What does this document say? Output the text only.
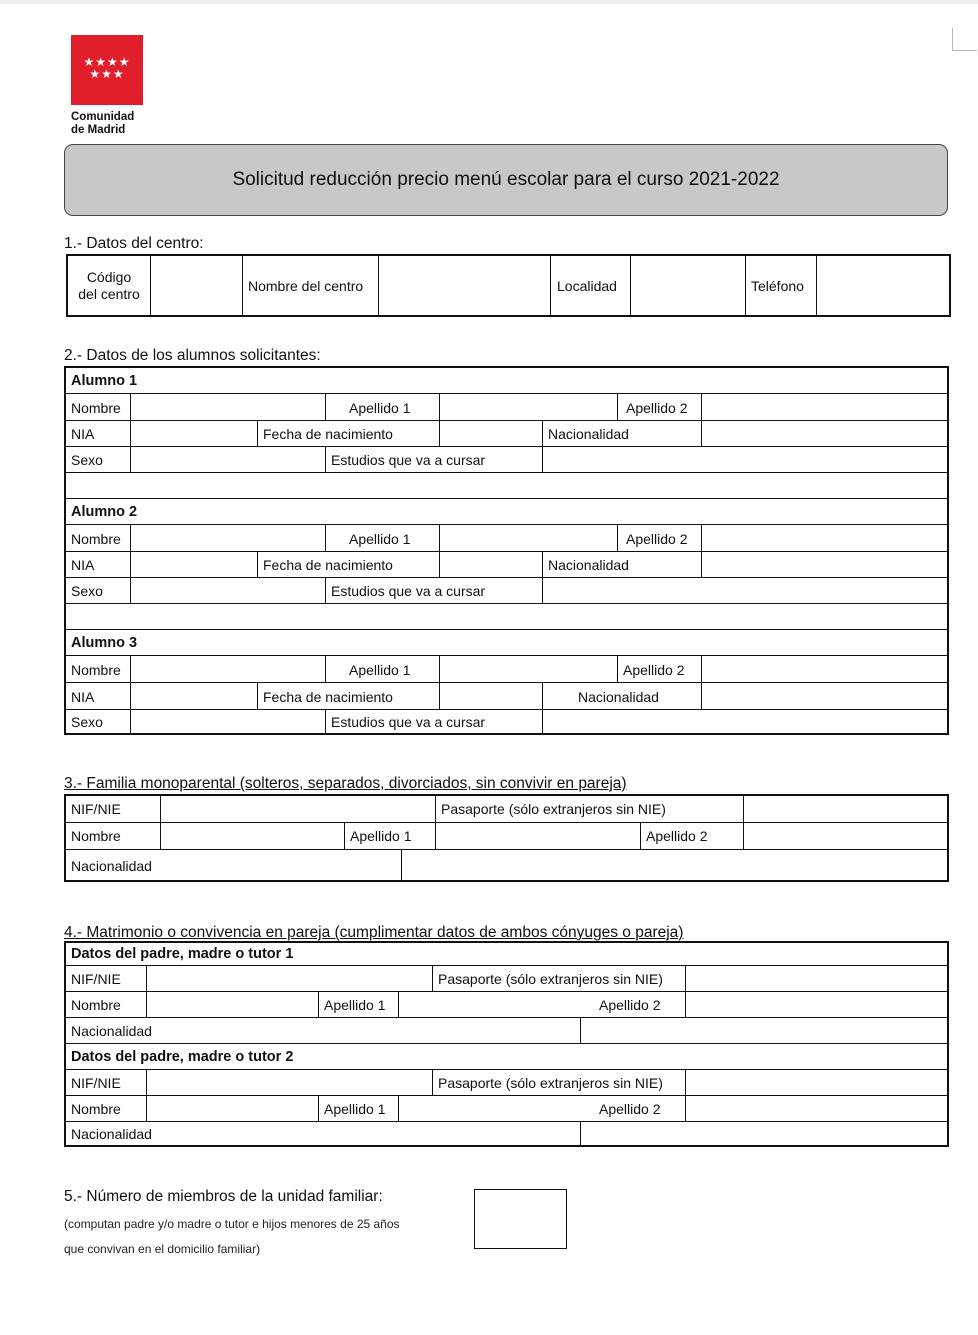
★★★★
★★★
Comunidad
de Madrid
Solicitud reducción precio menú escolar para el curso 2021-2022
1.- Datos del centro:
Código
del centro	Nombre del centro	Localidad	Teléfono
2.- Datos de los alumnos solicitantes:
Alumno 1
Nombre	Apellido 1	Apellido 2
NIA	Fecha de nacimiento	Nacionalidad
Sexo	Estudios que va a cursar
Alumno 2
Nombre	Apellido 1	Apellido 2
NIA	Fecha de nacimiento	Nacionalidad
Sexo	Estudios que va a cursar
Alumno 3
Nombre	Apellido 1	Apellido 2
NIA	Fecha de nacimiento	Nacionalidad
Sexo	Estudios que va a cursar
3.- Familia monoparental (solteros, separados, divorciados, sin convivir en pareja)
NIF/NIE	Pasaporte (sólo extranjeros sin NIE)
Nombre	Apellido 1	Apellido 2
Nacionalidad
4.- Matrimonio o convivencia en pareja (cumplimentar datos de ambos cónyuges o pareja)
Datos del padre, madre o tutor 1
NIF/NIE	Pasaporte (sólo extranjeros sin NIE)
Nombre	Apellido 1	Apellido 2
Nacionalidad
Datos del padre, madre o tutor 2
NIF/NIE	Pasaporte (sólo extranjeros sin NIE)
Nombre	Apellido 1	Apellido 2
Nacionalidad
5.- Número de miembros de la unidad familiar:
(computan padre y/o madre o tutor e hijos menores de 25 años
que convivan en el domicilio familiar)
